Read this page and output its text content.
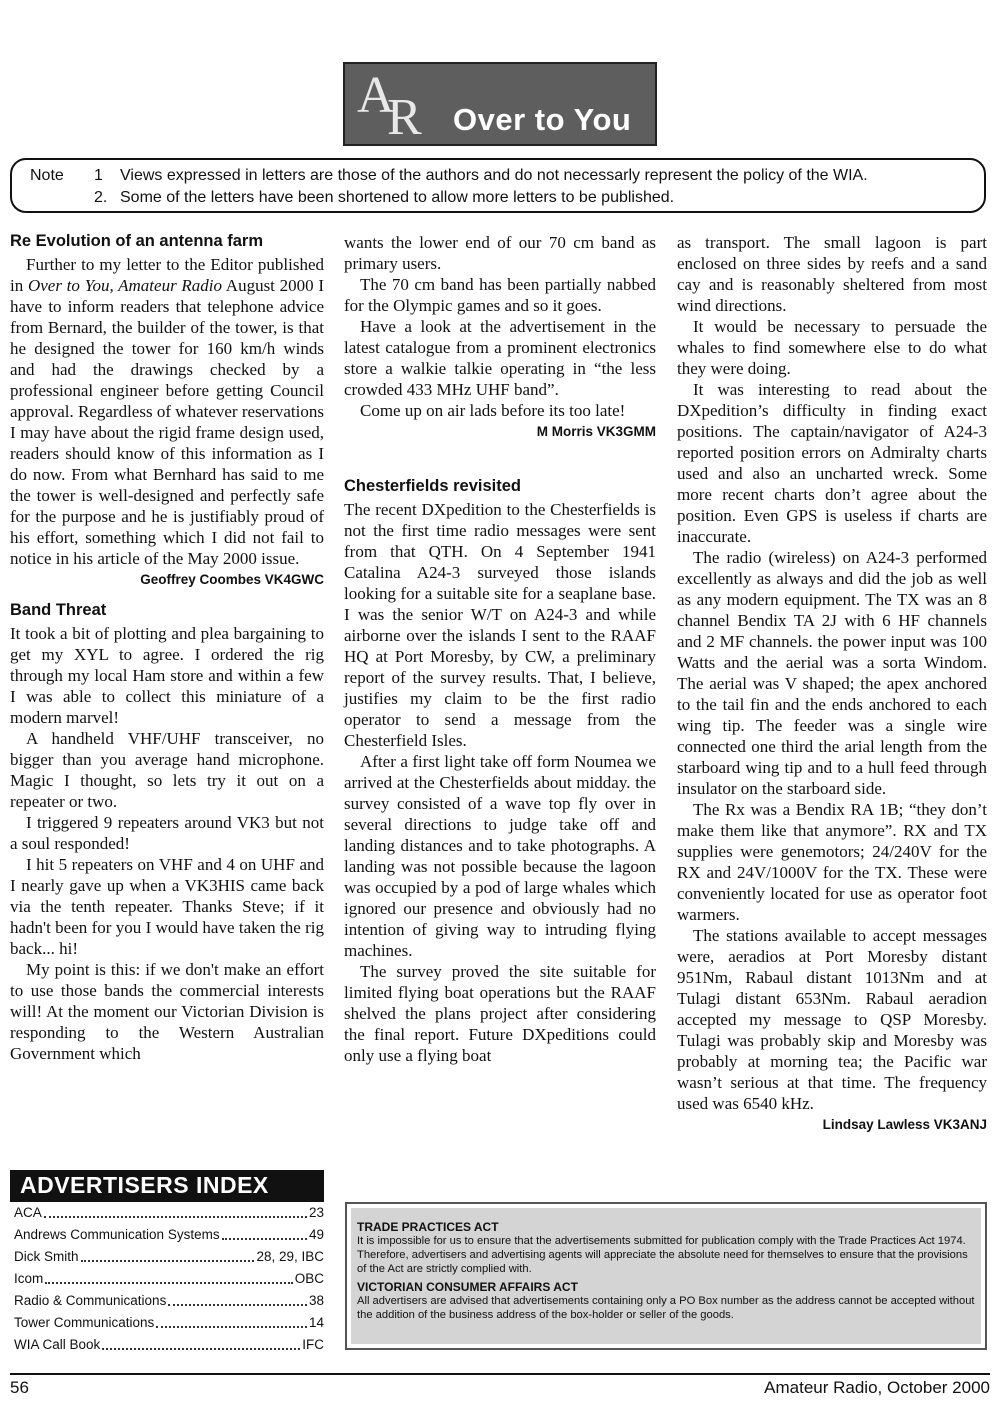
A
R Over to You
Note 1 Views expressed in letters are those of the authors and do not necessarly represent the policy of the WIA.
2. Some of the letters have been shortened to allow more letters to be published.
Re Evolution of an antenna farm

Further to my letter to the Editor published in Over to You, Amateur Radio August 2000 I have to inform readers that telephone advice from Bernard, the builder of the tower, is that he designed the tower for 160 km/h winds and had the drawings checked by a professional engineer before getting Council approval. Regardless of whatever reservations I may have about the rigid frame design used, readers should know of this information as I do now. From what Bernhard has said to me the tower is well-designed and perfectly safe for the purpose and he is justifiably proud of his effort, something which I did not fail to notice in his article of the May 2000 issue.

Geoffrey Coombes VK4GWC

Band Threat

It took a bit of plotting and plea bargaining to get my XYL to agree. I ordered the rig through my local Ham store and within a few I was able to collect this miniature of a modern marvel!

A handheld VHF/UHF transceiver, no bigger than you average hand microphone. Magic I thought, so lets try it out on a repeater or two.

I triggered 9 repeaters around VK3 but not a soul responded!

I hit 5 repeaters on VHF and 4 on UHF and I nearly gave up when a VK3HIS came back via the tenth repeater. Thanks Steve; if it hadn't been for you I would have taken the rig back... hi!

My point is this: if we don't make an effort to use those bands the commercial interests will! At the moment our Victorian Division is responding to the Western Australian Government which

wants the lower end of our 70 cm band as primary users.

The 70 cm band has been partially nabbed for the Olympic games and so it goes.

Have a look at the advertisement in the latest catalogue from a prominent electronics store a walkie talkie operating in “the less crowded 433 MHz UHF band”.

Come up on air lads before its too late!

M Morris VK3GMM

Chesterfields revisited

The recent DXpedition to the Chesterfields is not the first time radio messages were sent from that QTH. On 4 September 1941 Catalina A24-3 surveyed those islands looking for a suitable site for a seaplane base. I was the senior W/T on A24-3 and while airborne over the islands I sent to the RAAF HQ at Port Moresby, by CW, a preliminary report of the survey results. That, I believe, justifies my claim to be the first radio operator to send a message from the Chesterfield Isles.

After a first light take off form Noumea we arrived at the Chesterfields about midday. the survey consisted of a wave top fly over in several directions to judge take off and landing distances and to take photographs. A landing was not possible because the lagoon was occupied by a pod of large whales which ignored our presence and obviously had no intention of giving way to intruding flying machines.

The survey proved the site suitable for limited flying boat operations but the RAAF shelved the plans project after considering the final report. Future DXpeditions could only use a flying boat

as transport. The small lagoon is part enclosed on three sides by reefs and a sand cay and is reasonably sheltered from most wind directions.

It would be necessary to persuade the whales to find somewhere else to do what they were doing.

It was interesting to read about the DXpedition’s difficulty in finding exact positions. The captain/navigator of A24-3 reported position errors on Admiralty charts used and also an uncharted wreck. Some more recent charts don’t agree about the position. Even GPS is useless if charts are inaccurate.

The radio (wireless) on A24-3 performed excellently as always and did the job as well as any modern equipment. The TX was an 8 channel Bendix TA 2J with 6 HF channels and 2 MF channels. the power input was 100 Watts and the aerial was a sorta Windom. The aerial was V shaped; the apex anchored to the tail fin and the ends anchored to each wing tip. The feeder was a single wire connected one third the arial length from the starboard wing tip and to a hull feed through insulator on the starboard side.

The Rx was a Bendix RA 1B; “they don’t make them like that anymore”. RX and TX supplies were genemotors; 24/240V for the RX and 24V/1000V for the TX. These were conveniently located for use as operator foot warmers.

The stations available to accept messages were, aeradios at Port Moresby distant 951Nm, Rabaul distant 1013Nm and at Tulagi distant 653Nm. Rabaul aeradion accepted my message to QSP Moresby. Tulagi was probably skip and Moresby was probably at morning tea; the Pacific war wasn’t serious at that time. The frequency used was 6540 kHz.

Lindsay Lawless VK3ANJ

ADVERTISERS INDEX
ACA	23
Andrews Communication Systems	49
Dick Smith	28, 29, IBC
Icom	OBC
Radio & Communications	38
Tower Communications	14
WIA Call Book	IFC

TRADE PRACTICES ACT

It is impossible for us to ensure that the advertisements submitted for publication comply with the Trade Practices Act 1974. Therefore, advertisers and advertising agents will appreciate the absolute need for themselves to ensure that the provisions of the Act are strictly complied with.

VICTORIAN CONSUMER AFFAIRS ACT

All advertisers are advised that advertisements containing only a PO Box number as the address cannot be accepted without the addition of the business address of the box-holder or seller of the goods.

56	Amateur Radio, October 2000
